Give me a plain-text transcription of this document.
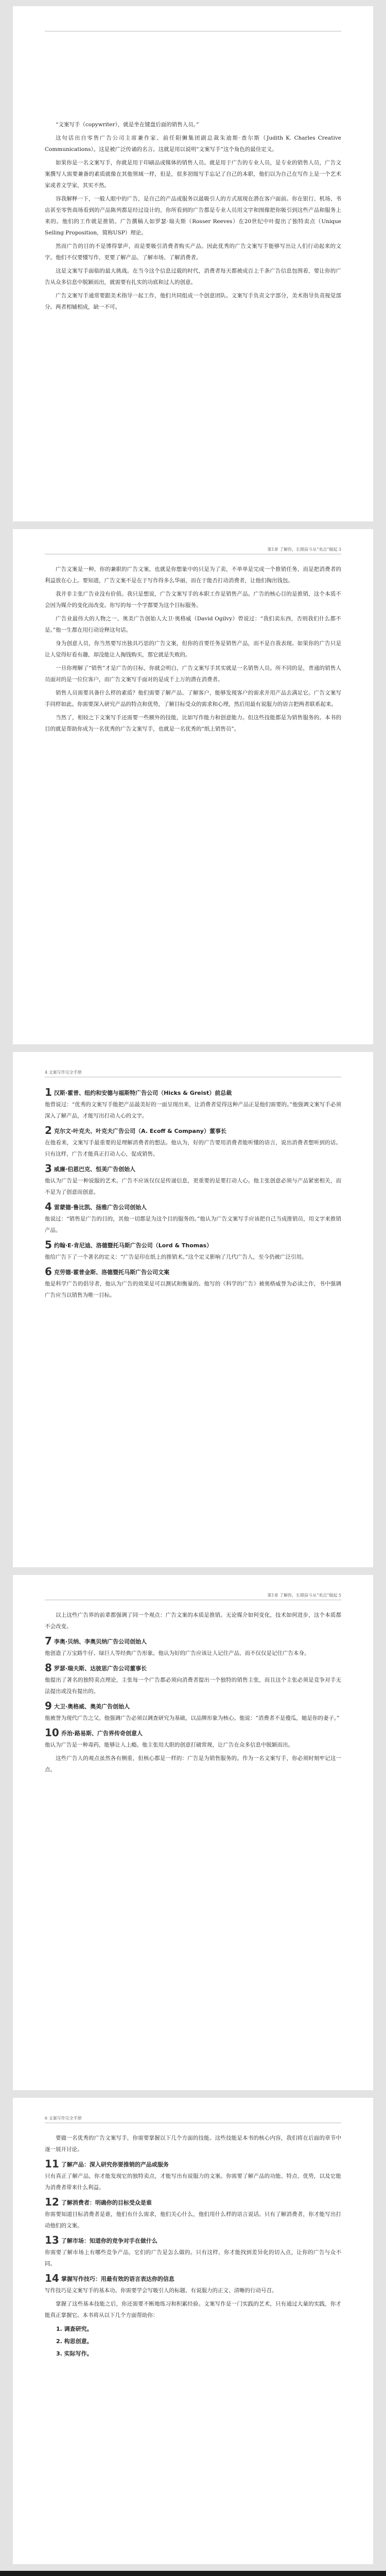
“文案写手（copywriter），就是坐在键盘后面的销售人员。”

这句话出自零售广告公司主席兼作家、前任阳狮集团副总裁朱迪斯·查尔斯（Judith K. Charles Creative Communications）。这是被广泛传诵的名言。这就是用以说明“文案写手”这个角色的最佳定义。

如果你是一名文案写手，你就是用于印刷品或媒体的销售人员。就是用于广告的专业人员，是专业的销售人员，广告文案撰写人需要兼备的素质就像在其他领域一样，但是，很多初级写手忘记了自己的本职，他们以为自己在写作上是一个艺术家或者文学家，其实不然。

容我解释一下，一般人眼中的广告，是自己的产品或服务以最吸引人的方式展现在潜在客户面前。你在银行、机场、书店甚至零售商场看到的产品陈列都是经过设计的，你所看到的广告都是专业人员用文字和图像把你吸引到这些产品和服务上来的。他们的工作就是推销。广告撰稿人如罗瑟·瑞夫斯（Rosser Reeves）在20世纪中叶提出了独特卖点（Unique Selling Proposition，简称USP）理论。

然而广告的目的不是博得掌声，而是要吸引消费者购买产品。因此优秀的广告文案写手能够写出让人们行动起来的文字。他们不仅要懂写作，更要了解产品、了解市场、了解消费者。

这是文案写手面临的最大挑战。在当今这个信息过载的时代，消费者每天都被成百上千条广告信息包围着，要让你的广告从众多信息中脱颖而出，就需要有扎实的功底和过人的创意。

广告文案写手通常要跟美术指导一起工作，他们共同组成一个创意团队。文案写手负责文字部分，美术指导负责视觉部分。两者相辅相成，缺一不可。

第1章 了解你，长期奋斗从“卖点”做起 3

广告文案是一种，你的兼职的广告文案，也就是你想象中的只是为了卖，不单单是完成一个推销任务，而是把消费者的利益放在心上。要知道，广告文案不是在于写作得多么华丽，而在于能否打动消费者，让他们掏出钱包。

我并非主张广告业没有价值。我只是想说，广告文案写手的本职工作是销售产品。广告的核心目的是推销，这个本质不会因为媒介的变化而改变。你写的每一个字都要为这个目标服务。

广告业最伟大的人物之一、奥美广告创始人大卫·奥格威（David Ogilvy）曾说过：“我们卖东西，否则我们什么都不是。”他一生都在用行动诠释这句话。

身为创意人员，你当然要写出独具巧思的广告文案，但你的首要任务是销售产品，而不是自我表现。如果你的广告只是让人觉得好看有趣，却没能让人掏钱购买，那它就是失败的。

一旦你理解了“销售”才是广告的目标，你就会明白，广告文案写手其实就是一名销售人员。所不同的是，普通的销售人员面对的是一位位客户，而广告文案写手面对的是成千上万的潜在消费者。

销售人员需要具备什么样的素质？他们需要了解产品、了解客户，能够发现客户的需求并用产品去满足它。广告文案写手同样如此。你需要深入研究产品的特点和优势，了解目标受众的需求和心理，然后用最有说服力的语言把两者联系起来。

当然了，相较之下文案写手还需要一些额外的技能，比如写作能力和创意能力。但这些技能都是为销售服务的。本书的目的就是帮助你成为一名优秀的广告文案写手，也就是一名优秀的“纸上销售员”。

4 文案写作完全手册
1 汉斯·霍普、纽约和安德与福斯特广告公司（Hicks & Greist）前总裁
他曾说过：“优秀的文案写手能把产品最美好的一面呈现出来，让消费者觉得这种产品正是他们需要的。”他强调文案写手必须深入了解产品，才能写出打动人心的文字。
2 克尔文·叶克夫、叶克夫广告公司（A. Ecoff & Company）董事长
在他看来，文案写手最重要的是理解消费者的想法。他认为，好的广告要用消费者能听懂的语言，说出消费者想听到的话。只有这样，广告才能真正打动人心，促成销售。
3 威廉·伯恩巴克、恒美广告创始人
他认为广告是一种说服的艺术。广告不应该仅仅是传递信息，更重要的是要打动人心。他主张创意必须与产品紧密相关，而不是为了创意而创意。
4 雷蒙德·鲁比凯、扬雅广告公司创始人
他说过：“销售是广告的目的，其他一切都是为这个目的服务的。”他认为广告文案写手应该把自己当成推销员，用文字来推销产品。
5 约翰·E·肯尼迪、洛德暨托马斯广告公司（Lord & Thomas）
他给广告下了一个著名的定义：“广告是印在纸上的推销术。”这个定义影响了几代广告人，至今仍被广泛引用。
6 克劳德·霍普金斯、洛德暨托马斯广告公司文案
他是科学广告的倡导者，他认为广告的效果是可以测试和衡量的。他写的《科学的广告》被奥格威誉为必读之作，书中强调广告应当以销售为唯一目标。
第1章 了解你，长期奋斗从“卖点”做起 5

以上这些广告界的前辈都强调了同一个观点：广告文案的本质是推销。无论媒介如何变化，技术如何进步，这个本质都不会改变。

7 李奥·贝纳、李奥贝纳广告公司创始人
他创造了万宝路牛仔、绿巨人等经典广告形象。他认为好的广告应该让人记住产品，而不仅仅是记住广告本身。
8 罗瑟·瑞夫斯、达彼思广告公司董事长
他提出了著名的独特卖点理论，主张每一个广告都必须向消费者提出一个独特的销售主张，而且这个主张必须是竞争对手无法提出或没有提出的。
9 大卫·奥格威、奥美广告创始人
他被誉为现代广告之父。他强调广告必须以调查研究为基础，以品牌形象为核心。他说：“消费者不是傻瓜，她是你的妻子。”
10 乔治·路易斯、广告界传奇创意人
他认为广告是一种毒药，能够让人上瘾。他主张用大胆的创意打破常规，让广告在众多信息中脱颖而出。

这些广告人的观点虽然各有侧重，但核心都是一样的：广告是为销售服务的。作为一名文案写手，你必须时刻牢记这一点。

6 文案写作完全手册

要做一名优秀的广告文案写手，你需要掌握以下几个方面的技能。这些技能是本书的核心内容，我们将在后面的章节中逐一展开讨论。

11 了解产品：深入研究你要推销的产品或服务
只有真正了解产品，你才能发现它的独特卖点，才能写出有说服力的文案。你需要了解产品的功能、特点、优势，以及它能为消费者带来什么利益。
12 了解消费者：明确你的目标受众是谁
你需要知道目标消费者是谁，他们有什么需求，他们关心什么，他们用什么样的语言说话。只有了解消费者，你才能写出打动他们的文案。
13 了解市场：知道你的竞争对手在做什么
你需要了解市场上有哪些竞争产品，它们的广告是怎么做的。只有这样，你才能找到差异化的切入点，让你的广告与众不同。
14 掌握写作技巧：用最有效的语言表达你的信息
写作技巧是文案写手的基本功。你需要学会写吸引人的标题、有说服力的正文、清晰的行动号召。

掌握了这些基本技能之后，你还需要不断地练习和积累经验。文案写作是一门实践的艺术，只有通过大量的实践，你才能真正掌握它。本书将从以下几个方面帮助你：

1. 调查研究。
2. 构思创意。
3. 实际写作。
